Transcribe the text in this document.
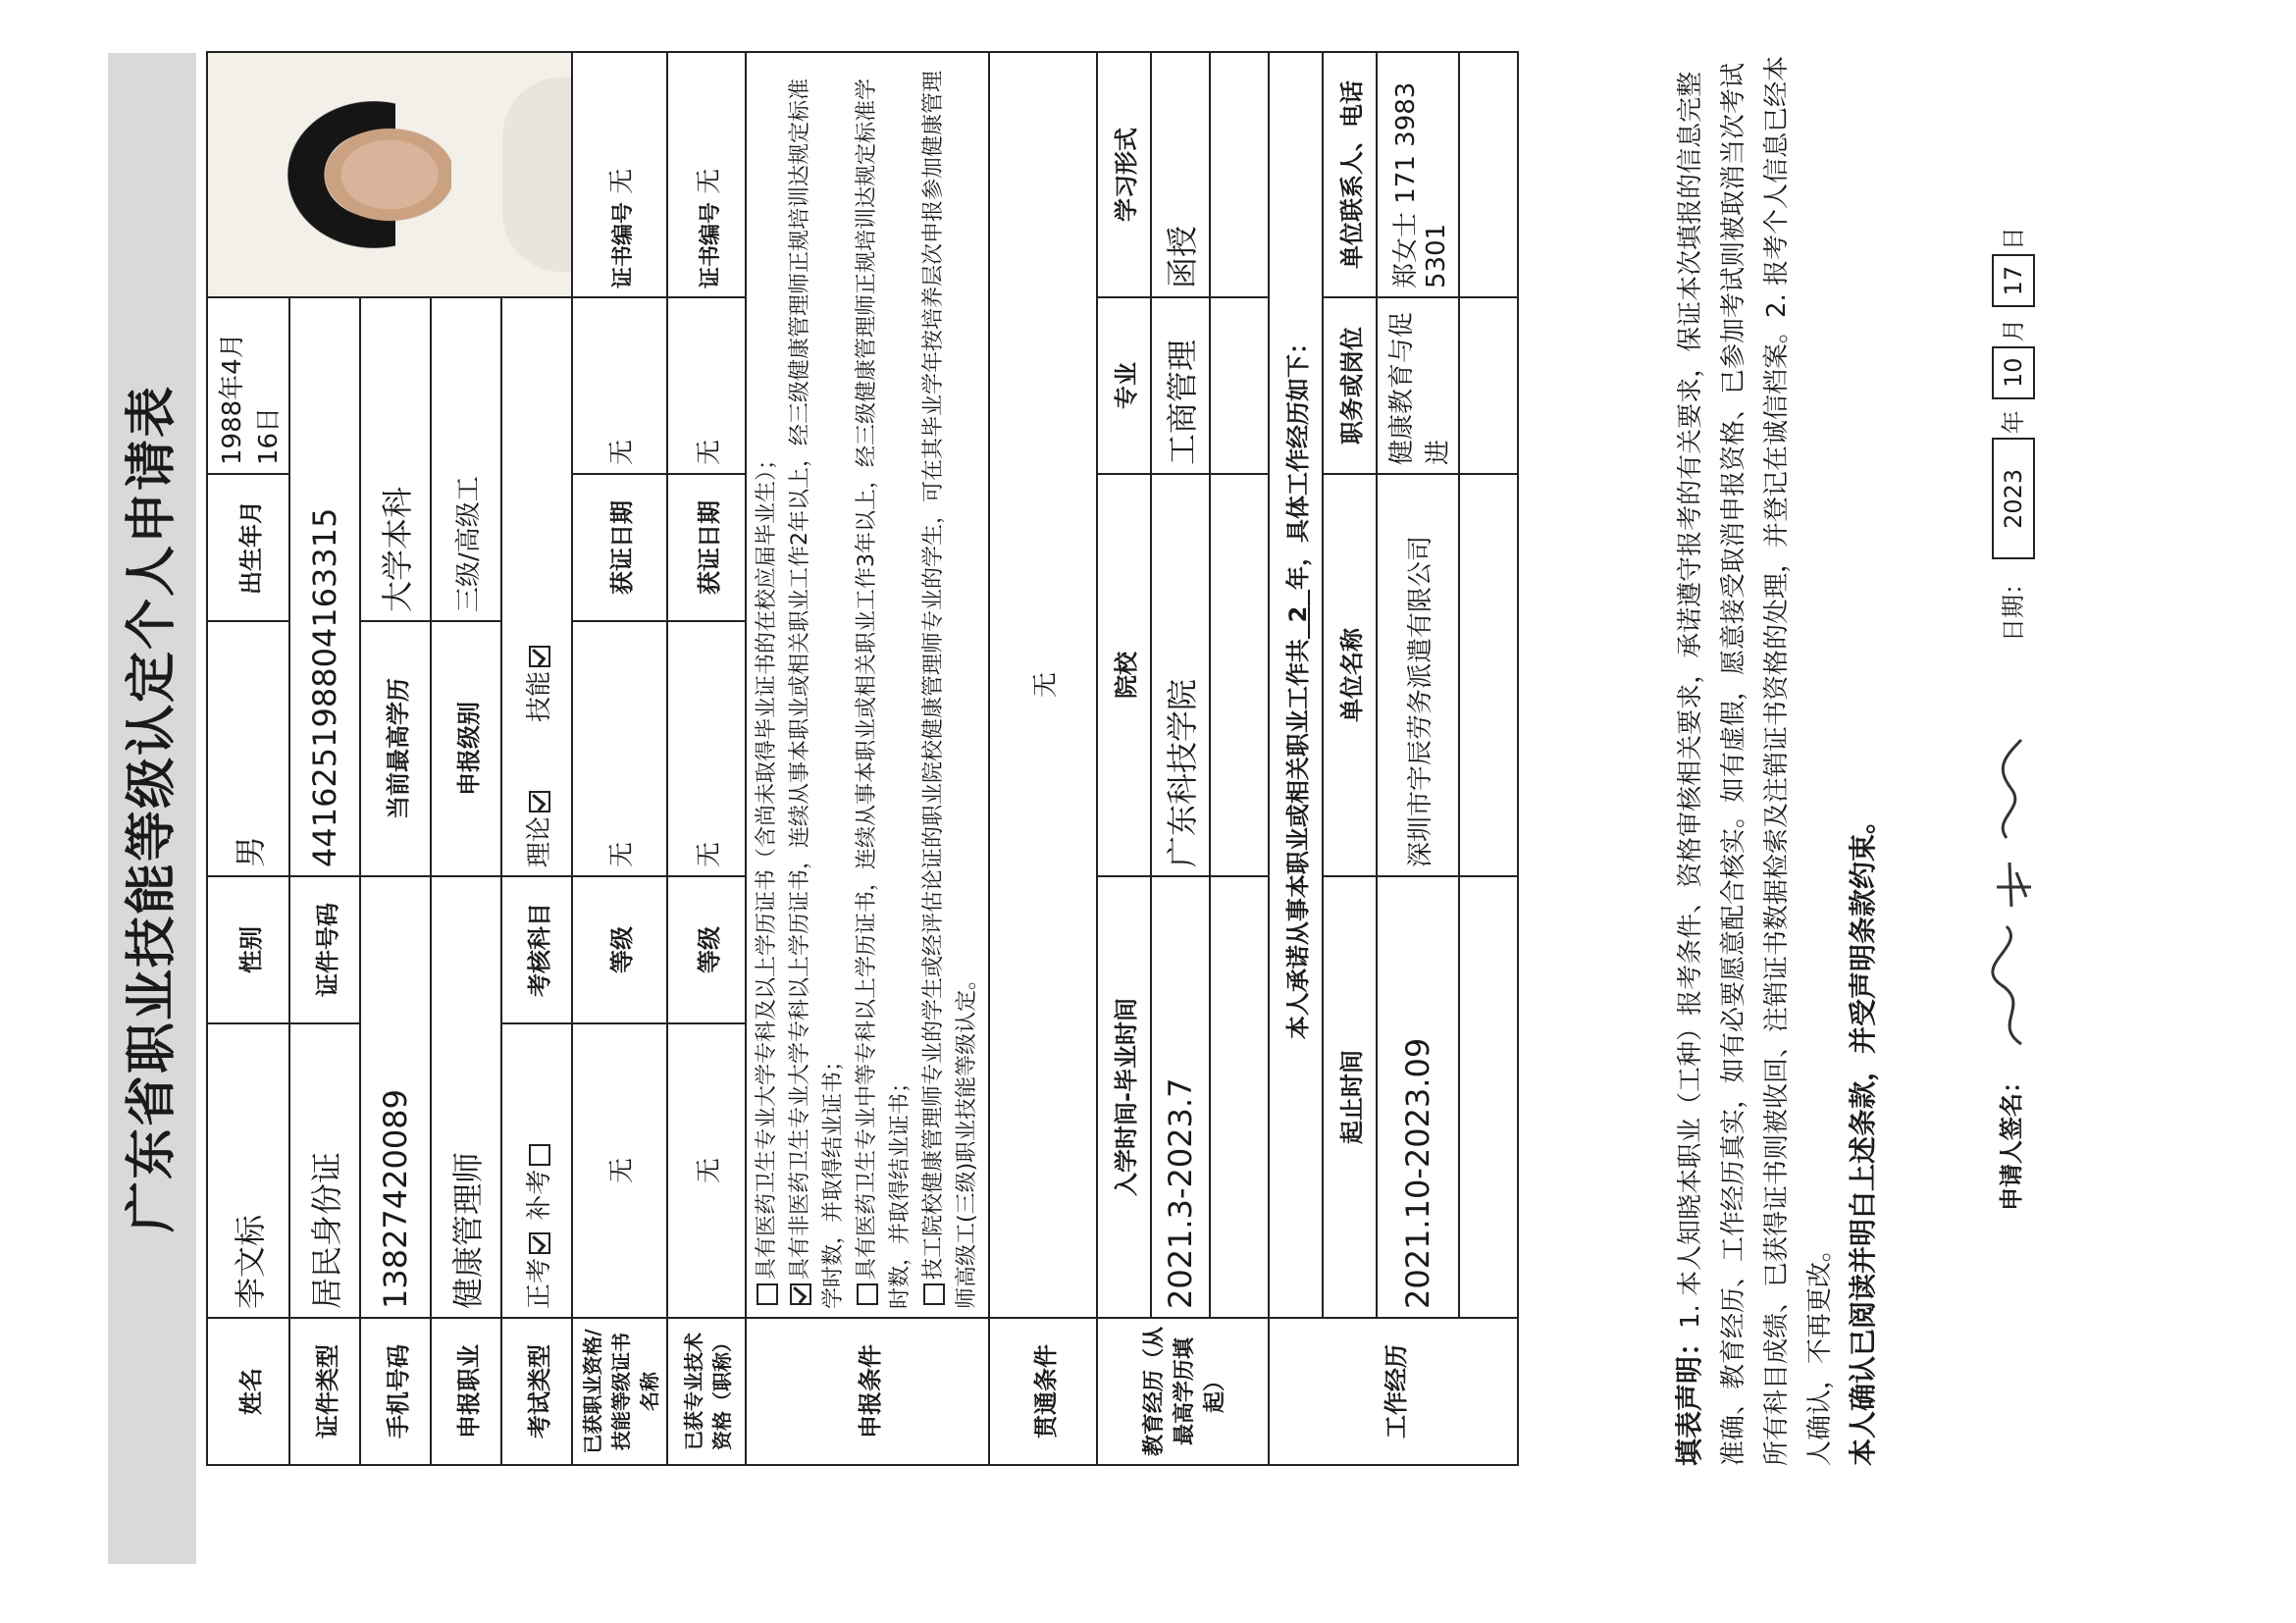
广东省职业技能等级认定个人申请表
姓名	李文标	性别	男	出生年月	1988年4月16日	

证件类型	居民身份证	证件号码	441625198804163315			
手机号码	13827420089		当前最高学历	大学本科		
申报职业	健康管理师		申报级别	三级/高级工		
考试类型	正考 补考	考核科目	理论        技能			
已获职业资格/技能等级证书名称	无	等级	无	获证日期	无	证书编号 无
已获专业技术资格（职称）	无	等级	无	获证日期	无	证书编号 无
申报条件	具有医药卫生专业大学专科及以上学历证书（含尚未取得毕业证书的在校应届毕业生）； 具有非医药卫生专业大学专科以上学历证书，连续从事本职业或相关职业工作2年以上，经三级健康管理师正规培训达规定标准学时数，并取得结业证书； 具有医药卫生专业中等专科以上学历证书，连续从事本职业或相关职业工作3年以上，经三级健康管理师正规培训达规定标准学时数，并取得结业证书； 技工院校健康管理师专业的学生或经评估论证的职业院校健康管理师专业的学生，可在其毕业学年按培养层次申报参加健康管理师高级工(三级)职业技能等级认定。					

贯通条件	无					
教育经历（从最高学历填起）	入学时间-毕业时间		院校		专业	学习形式
	2021.3-2023.7		广东科技学院		工商管理	函授

工作经历	本人承诺从事本职业或相关职业工作共  2  年，具体工作经历如下：					
	起止时间		单位名称		职务或岗位	单位联系人、电话
	2021.10-2023.09		深圳市宇辰劳务派遣有限公司		健康教育与促进	郑女士 171 3983 5301

填表声明：1. 本人知晓本职业（工种）报考条件、资格审核相关要求，承诺遵守报考的有关要求，保证本次填报的信息完整准确、教育经历、工作经历真实，如有必要愿意配合核实。如有虚假，愿意接受取消申报资格、已参加考试则被取消当次考试所有科目成绩、已获得证书则被收回、注销证书数据检索及注销证书资格的处理，并登记在诚信档案。2. 报考个人信息已经本人确认，不再更改。 本人确认已阅读并明白上述条款，并受声明条款约束。	申请人签名：
日期： 2023年 10月 17日
